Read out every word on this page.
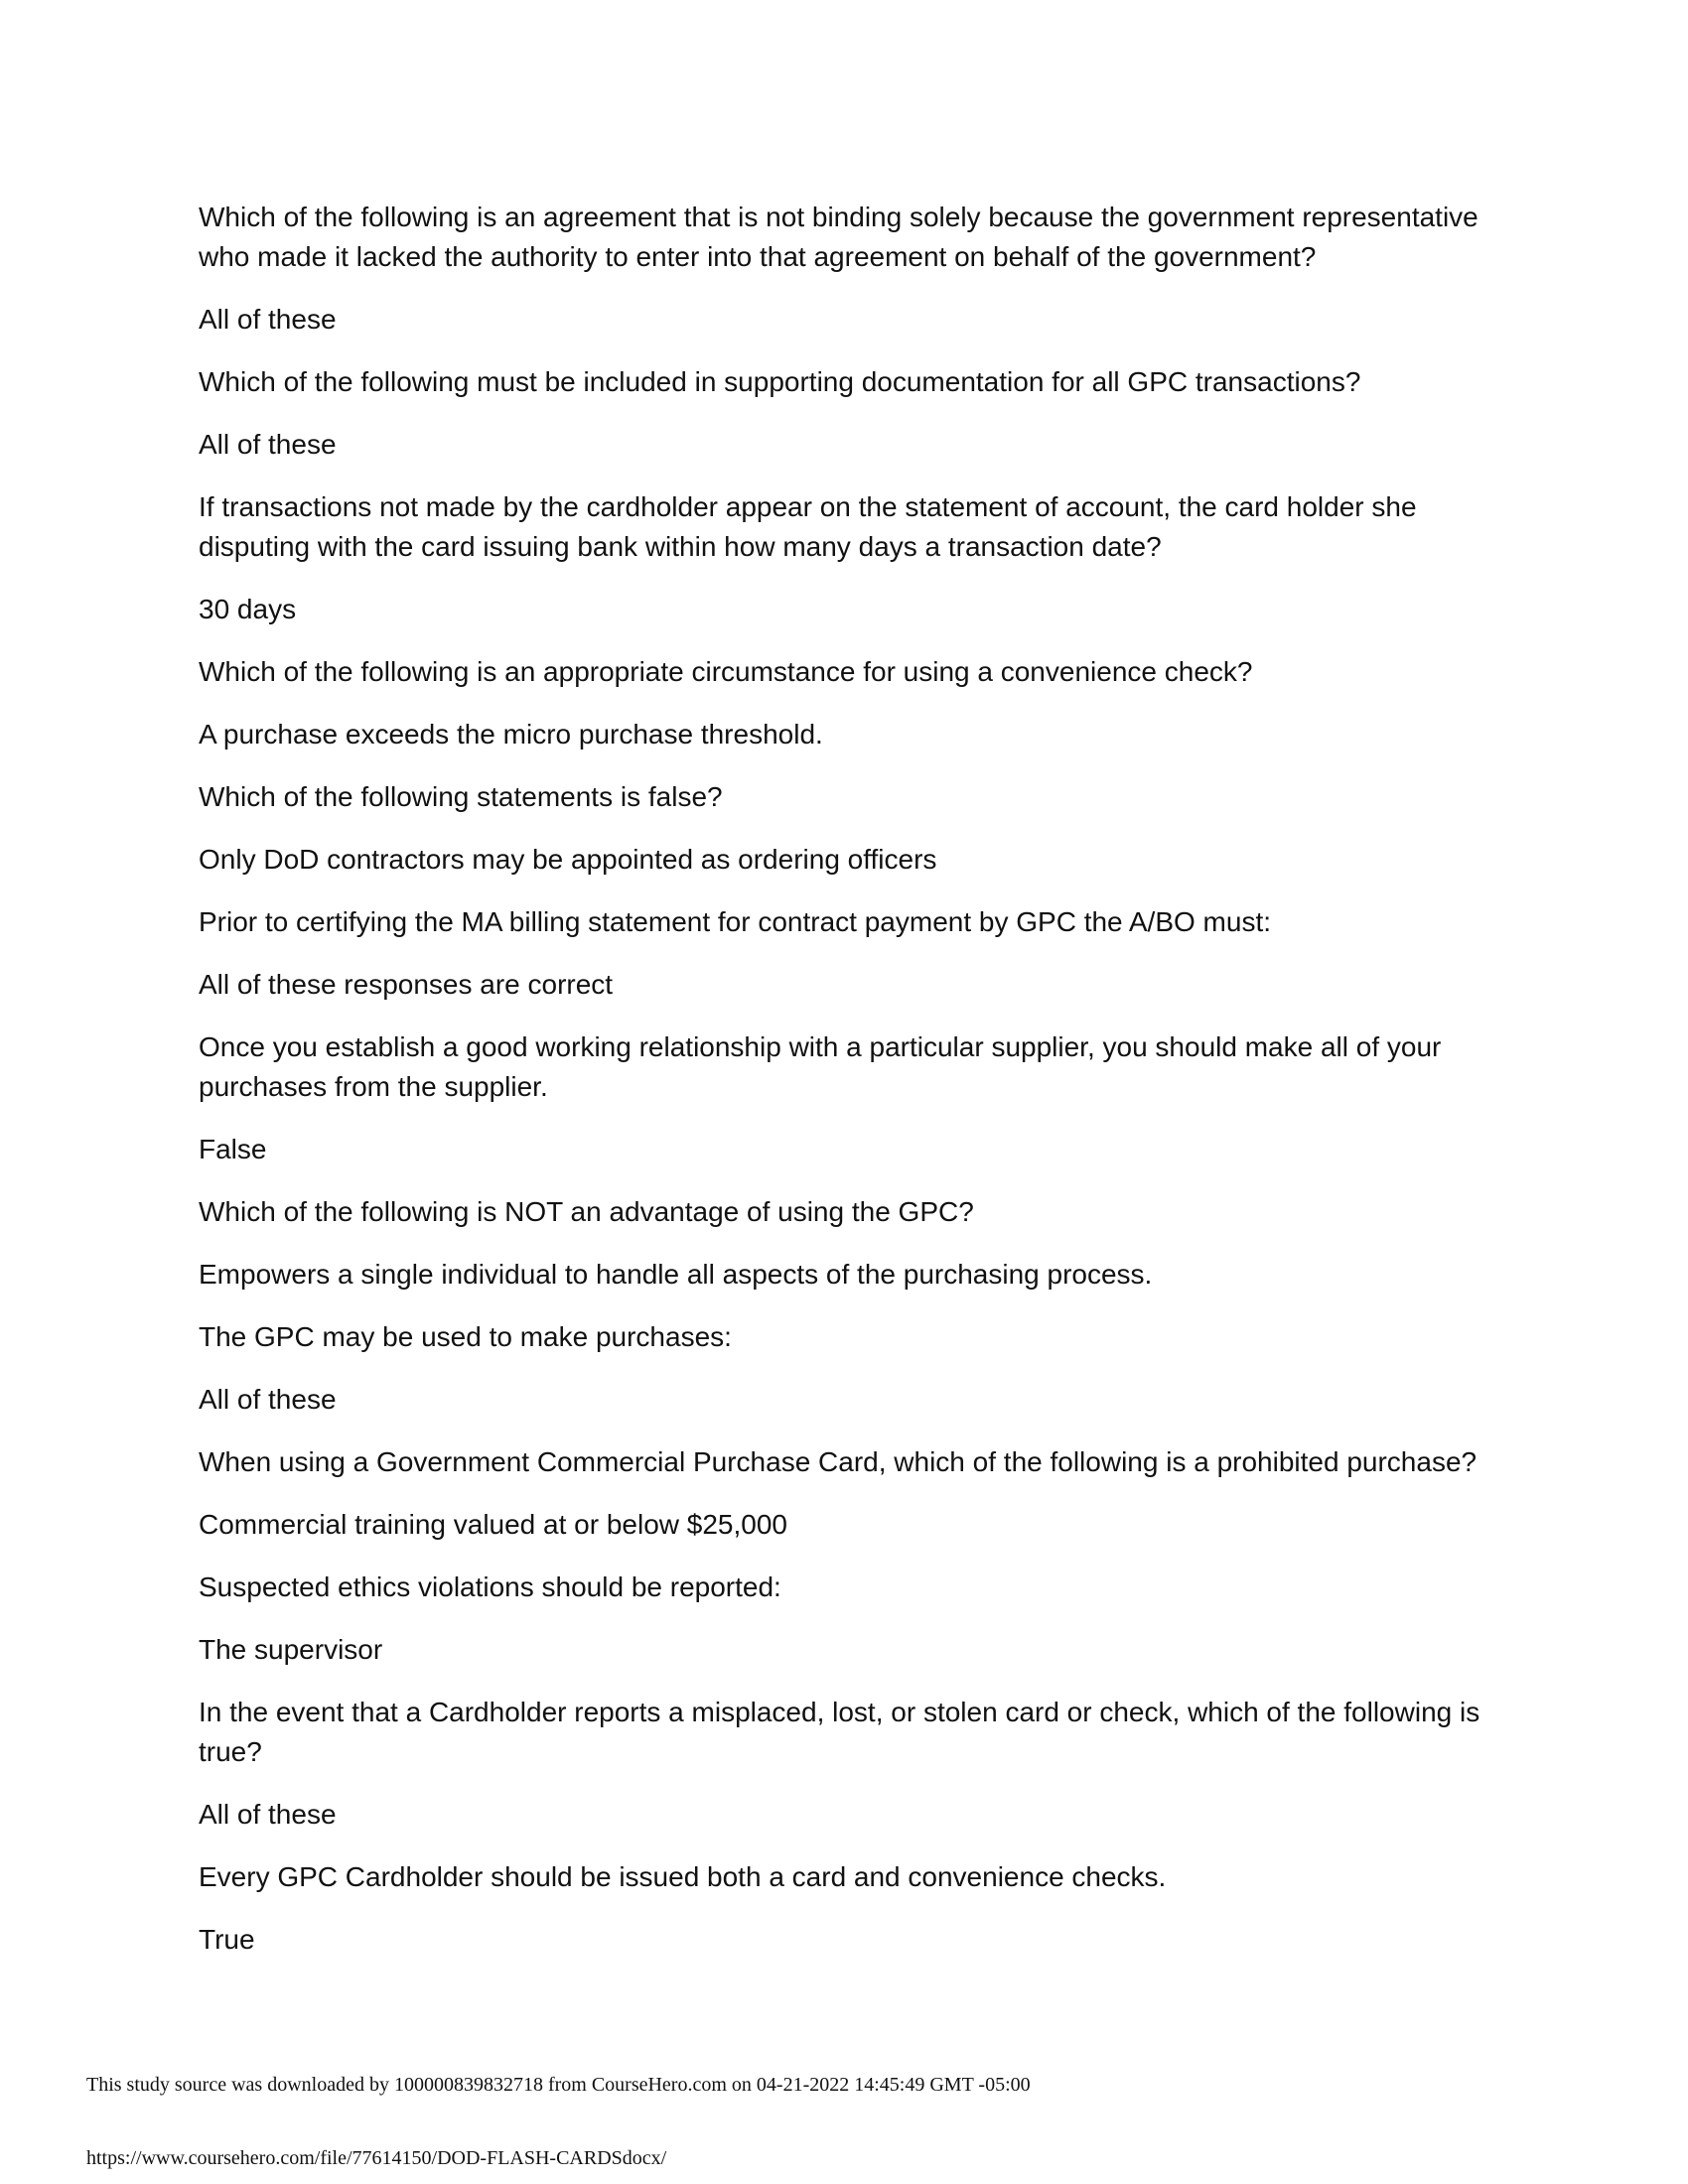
Which of the following is an agreement that is not binding solely because the government representative who made it lacked the authority to enter into that agreement on behalf of the government?

All of these

Which of the following must be included in supporting documentation for all GPC transactions?

All of these

If transactions not made by the cardholder appear on the statement of account, the card holder she disputing with the card issuing bank within how many days a transaction date?

30 days

Which of the following is an appropriate circumstance for using a convenience check?

A purchase exceeds the micro purchase threshold.

Which of the following statements is false?

Only DoD contractors may be appointed as ordering officers

Prior to certifying the MA billing statement for contract payment by GPC the A/BO must:

All of these responses are correct

Once you establish a good working relationship with a particular supplier, you should make all of your purchases from the supplier.

False

Which of the following is NOT an advantage of using the GPC?

Empowers a single individual to handle all aspects of the purchasing process.

The GPC may be used to make purchases:

All of these

When using a Government Commercial Purchase Card, which of the following is a prohibited purchase?

Commercial training valued at or below $25,000

Suspected ethics violations should be reported:

The supervisor

In the event that a Cardholder reports a misplaced, lost, or stolen card or check, which of the following is true?

All of these

Every GPC Cardholder should be issued both a card and convenience checks.

True

This study source was downloaded by 100000839832718 from CourseHero.com on 04-21-2022 14:45:49 GMT -05:00
https://www.coursehero.com/file/77614150/DOD-FLASH-CARDSdocx/
